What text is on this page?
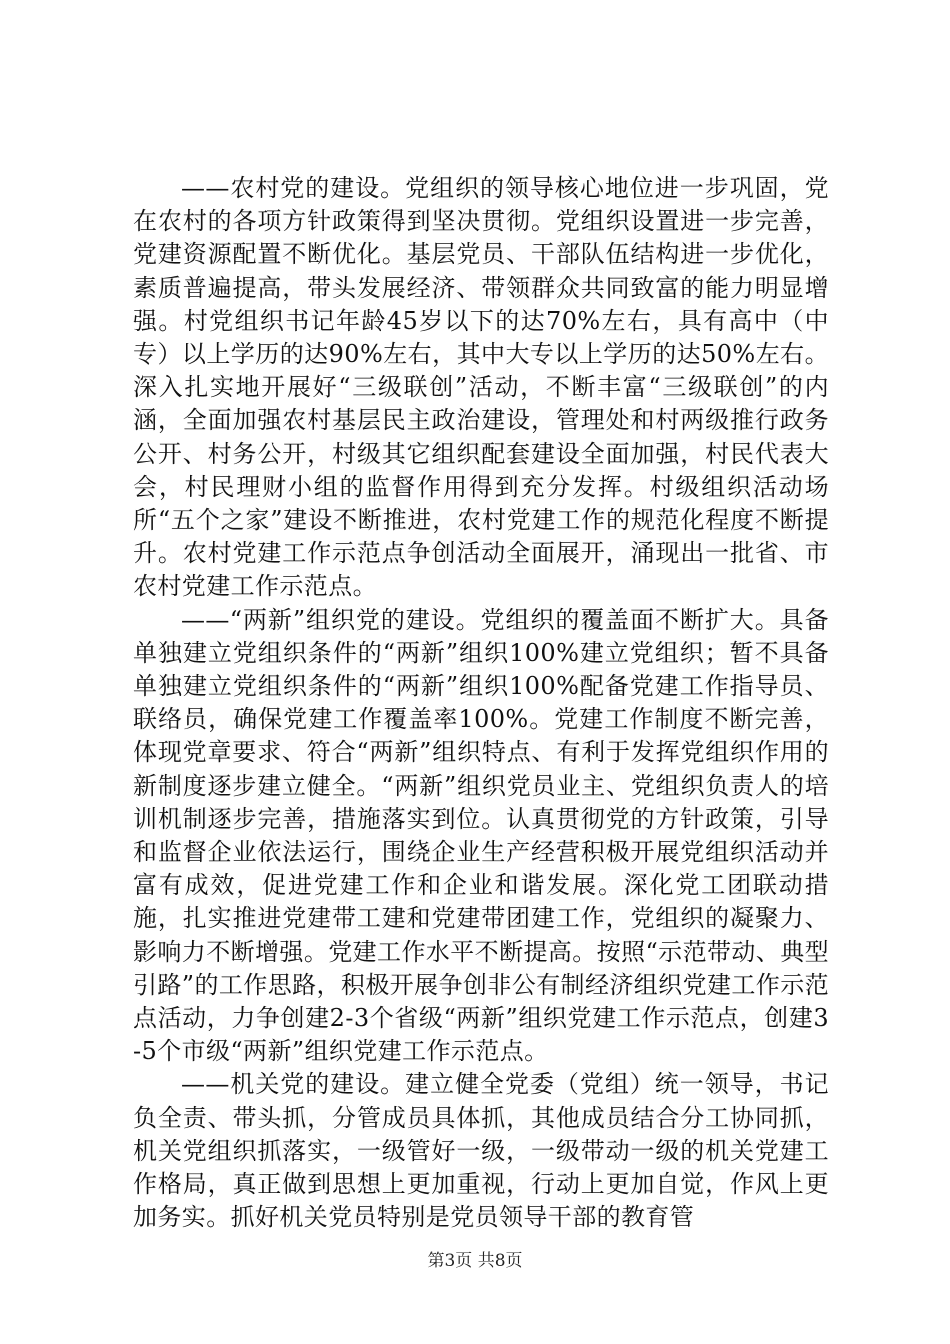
——农村党的建设。党组织的领导核心地位进一步巩固，党在农村的各项方针政策得到坚决贯彻。党组织设置进一步完善，党建资源配置不断优化。基层党员、干部队伍结构进一步优化，素质普遍提高，带头发展经济、带领群众共同致富的能力明显增强。村党组织书记年龄45岁以下的达70%左右，具有高中（中专）以上学历的达90%左右，其中大专以上学历的达50%左右。深入扎实地开展好“三级联创”活动，不断丰富“三级联创”的内涵，全面加强农村基层民主政治建设，管理处和村两级推行政务公开、村务公开，村级其它组织配套建设全面加强，村民代表大会，村民理财小组的监督作用得到充分发挥。村级组织活动场所“五个之家”建设不断推进，农村党建工作的规范化程度不断提升。农村党建工作示范点争创活动全面展开，涌现出一批省、市农村党建工作示范点。

——“两新”组织党的建设。党组织的覆盖面不断扩大。具备单独建立党组织条件的“两新”组织100%建立党组织；暂不具备单独建立党组织条件的“两新”组织100%配备党建工作指导员、联络员，确保党建工作覆盖率100%。党建工作制度不断完善，体现党章要求、符合“两新”组织特点、有利于发挥党组织作用的新制度逐步建立健全。“两新”组织党员业主、党组织负责人的培训机制逐步完善，措施落实到位。认真贯彻党的方针政策，引导和监督企业依法运行，围绕企业生产经营积极开展党组织活动并富有成效，促进党建工作和企业和谐发展。深化党工团联动措施，扎实推进党建带工建和党建带团建工作，党组织的凝聚力、影响力不断增强。党建工作水平不断提高。按照“示范带动、典型引路”的工作思路，积极开展争创非公有制经济组织党建工作示范点活动，力争创建2-3个省级“两新”组织党建工作示范点，创建3-5个市级“两新”组织党建工作示范点。

——机关党的建设。建立健全党委（党组）统一领导，书记负全责、带头抓，分管成员具体抓，其他成员结合分工协同抓，机关党组织抓落实，一级管好一级，一级带动一级的机关党建工作格局，真正做到思想上更加重视，行动上更加自觉，作风上更加务实。抓好机关党员特别是党员领导干部的教育管

第3页 共8页
